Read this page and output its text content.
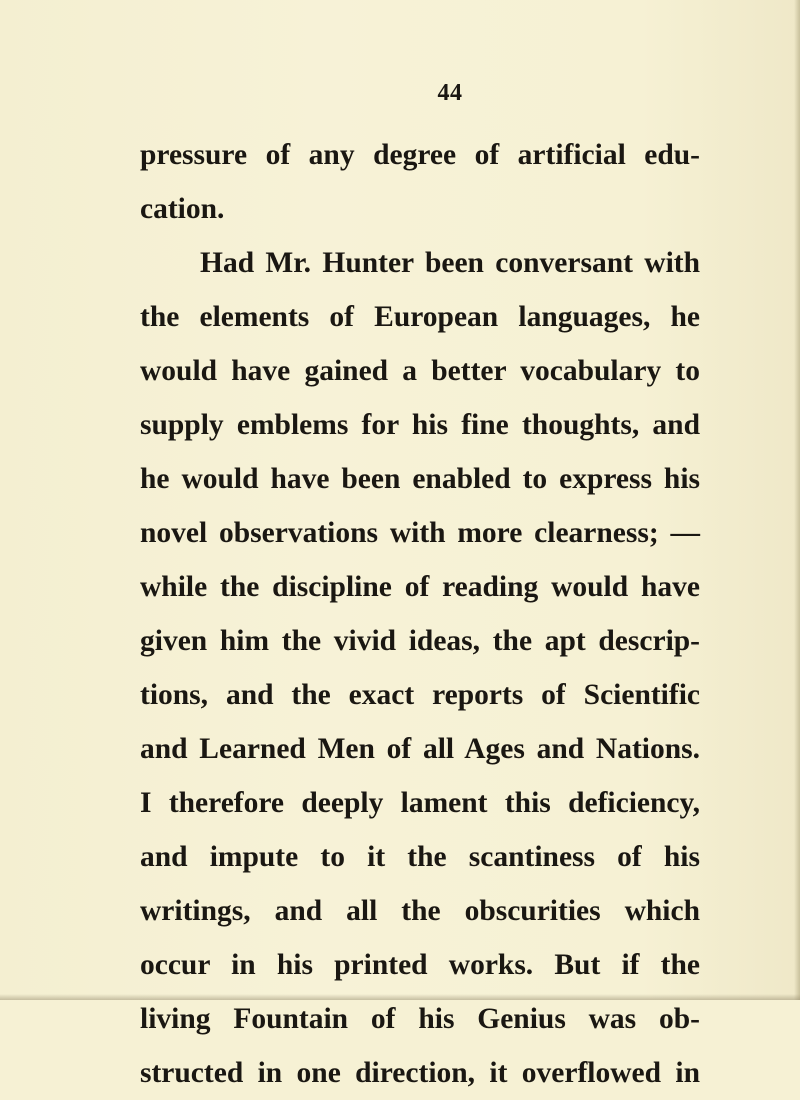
44
pressure of any degree of artificial edu-
cation.
Had Mr. Hunter been conversant with
the elements of European languages, he
would have gained a better vocabulary to
supply emblems for his fine thoughts, and
he would have been enabled to express his
novel observations with more clearness; —
while the discipline of reading would have
given him the vivid ideas, the apt descrip-
tions, and the exact reports of Scientific
and Learned Men of all Ages and Nations.
I therefore deeply lament this deficiency,
and impute to it the scantiness of his
writings, and all the obscurities which
occur in his printed works. But if the
living Fountain of his Genius was ob-
structed in one direction, it overflowed in
